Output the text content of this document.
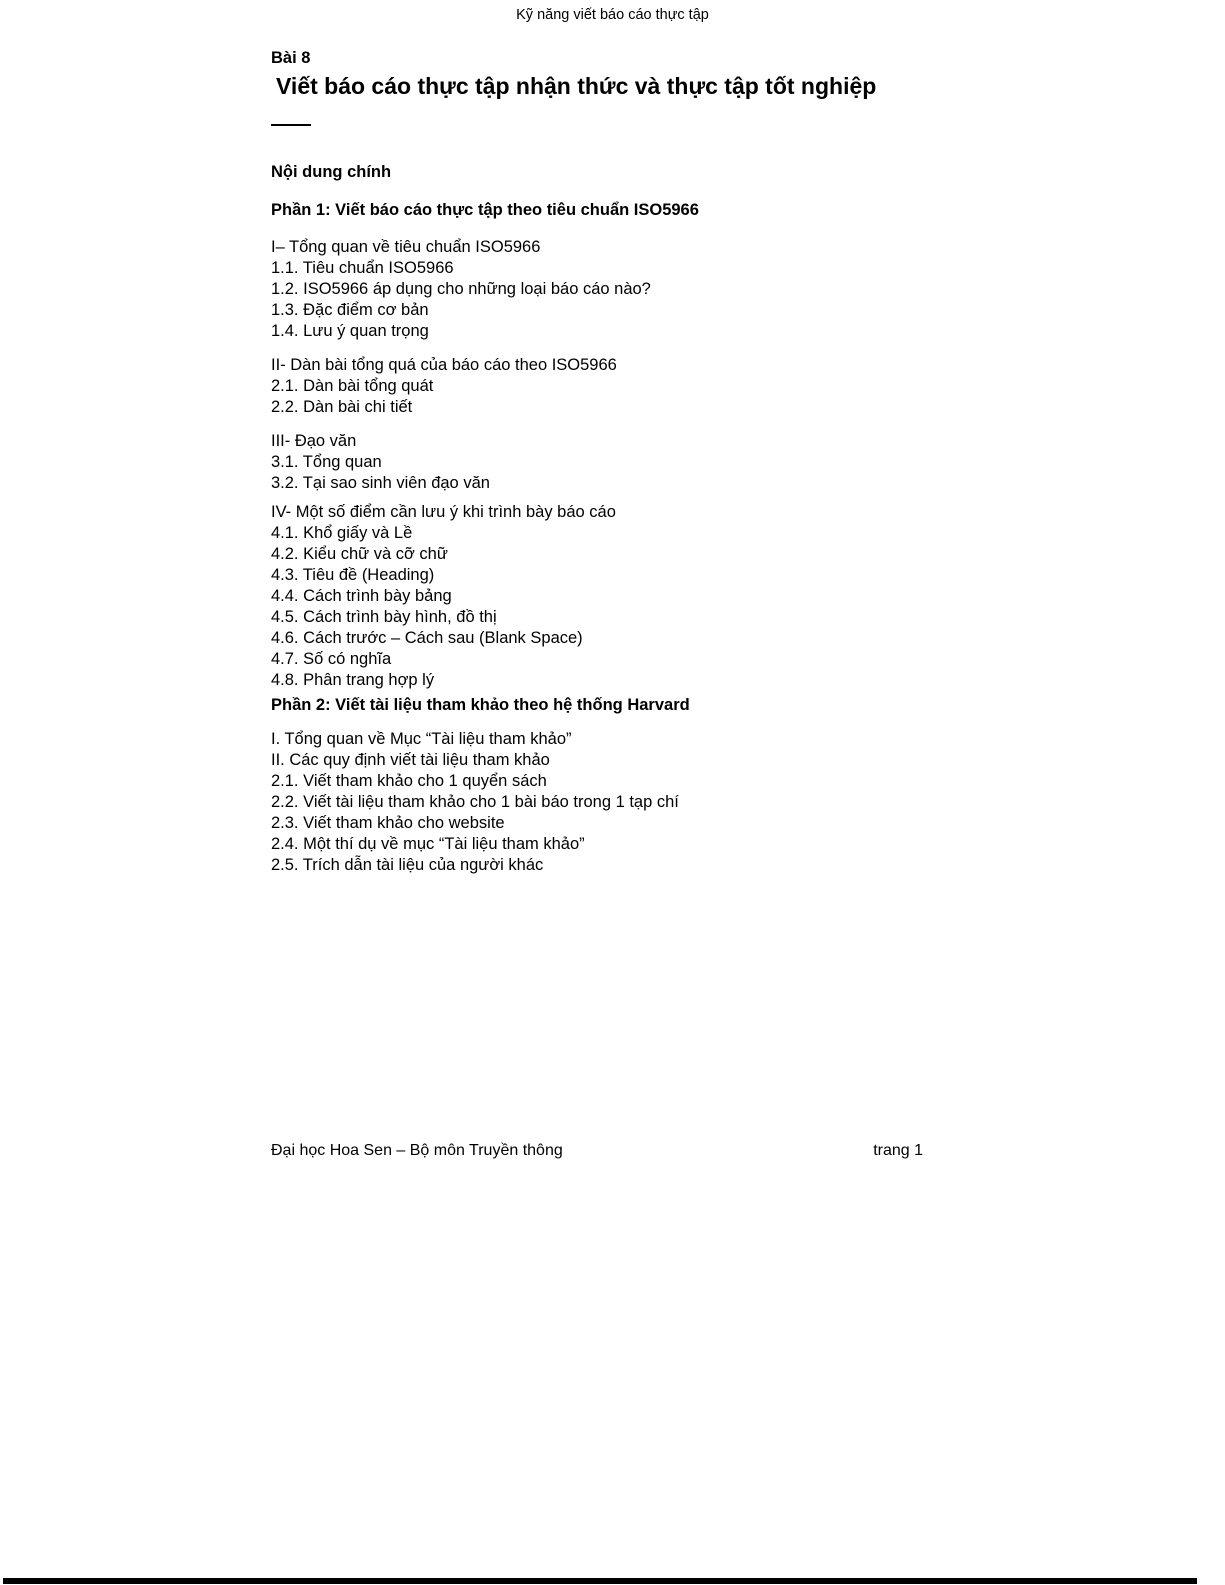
Kỹ năng viết báo cáo thực tập

Bài 8

Viết báo cáo thực tập nhận thức và thực tập tốt nghiệp

Nội dung chính

Phần 1: Viết báo cáo thực tập theo tiêu chuẩn ISO5966

I– Tổng quan về tiêu chuẩn ISO5966

1.1. Tiêu chuẩn ISO5966

1.2. ISO5966 áp dụng cho những loại báo cáo nào?

1.3. Đặc điểm cơ bản

1.4. Lưu ý quan trọng

II- Dàn bài tổng quá của báo cáo theo ISO5966

2.1. Dàn bài tổng quát

2.2. Dàn bài chi tiết

III- Đạo văn

3.1. Tổng quan

3.2. Tại sao sinh viên đạo văn

IV- Một số điểm cần lưu ý khi trình bày báo cáo

4.1. Khổ giấy và Lề

4.2. Kiểu chữ và cỡ chữ

4.3. Tiêu đề (Heading)

4.4. Cách trình bày bảng

4.5. Cách trình bày hình, đồ thị

4.6. Cách trước – Cách sau (Blank Space)

4.7. Số có nghĩa

4.8. Phân trang hợp lý

Phần 2: Viết tài liệu tham khảo theo hệ thống Harvard

I. Tổng quan về Mục “Tài liệu tham khảo”

II. Các quy định viết tài liệu tham khảo

2.1. Viết tham khảo cho 1 quyển sách

2.2. Viết tài liệu tham khảo cho 1 bài báo trong 1 tạp chí

2.3. Viết tham khảo cho website

2.4. Một thí dụ về mục “Tài liệu tham khảo”

2.5. Trích dẫn tài liệu của người khác

Đại học Hoa Sen – Bộ môn Truyền thông	trang 1
